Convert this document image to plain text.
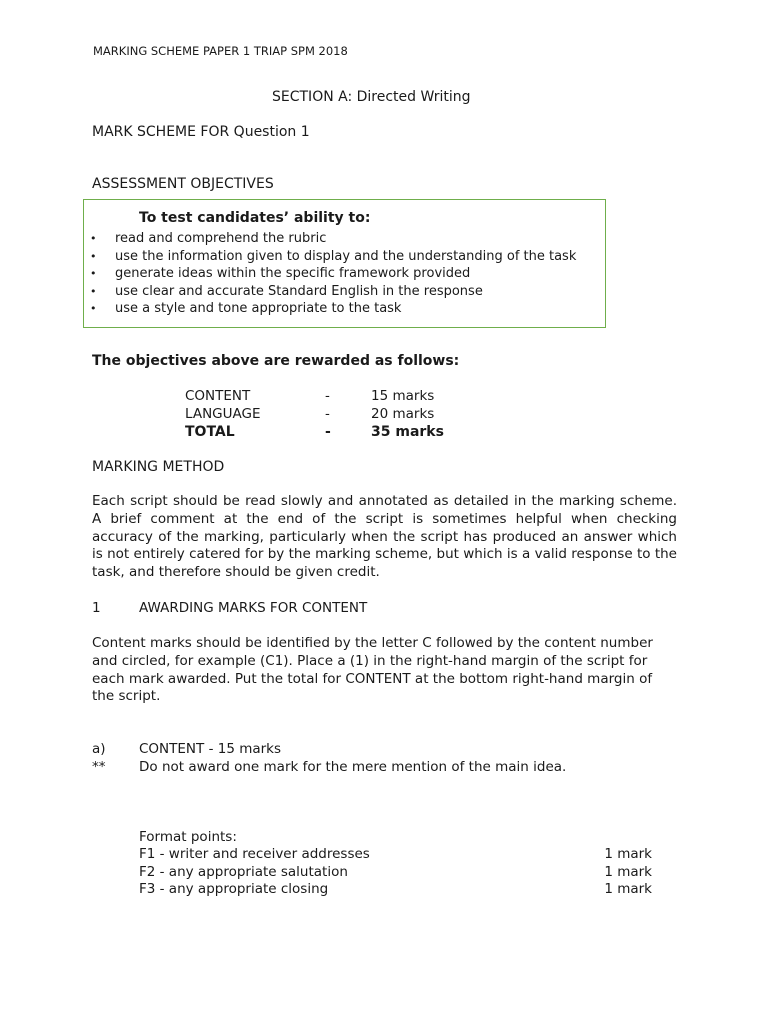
MARKING SCHEME PAPER 1 TRIAP SPM 2018
SECTION A: Directed Writing
MARK SCHEME FOR Question 1
ASSESSMENT OBJECTIVES
To test candidates’ ability to:
• read and comprehend the rubric
• use the information given to display and the understanding of the task
• generate ideas within the specific framework provided
• use clear and accurate Standard English in the response
• use a style and tone appropriate to the task
The objectives above are rewarded as follows:
CONTENT	-	15 marks
LANGUAGE	-	20 marks
TOTAL	-	35 marks
MARKING METHOD
Each script should be read slowly and annotated as detailed in the marking scheme. A brief comment at the end of the script is sometimes helpful when checking accuracy of the marking, particularly when the script has produced an answer which is not entirely catered for by the marking scheme, but which is a valid response to the task, and therefore should be given credit.
1	AWARDING MARKS FOR CONTENT
Content marks should be identified by the letter C followed by the content number and circled, for example (C1). Place a (1) in the right-hand margin of the script for each mark awarded. Put the total for CONTENT at the bottom right-hand margin of the script.
a) CONTENT - 15 marks
** Do not award one mark for the mere mention of the main idea.
Format points:
F1 - writer and receiver addresses	1 mark
F2 - any appropriate salutation	1 mark
F3 - any appropriate closing	1 mark
